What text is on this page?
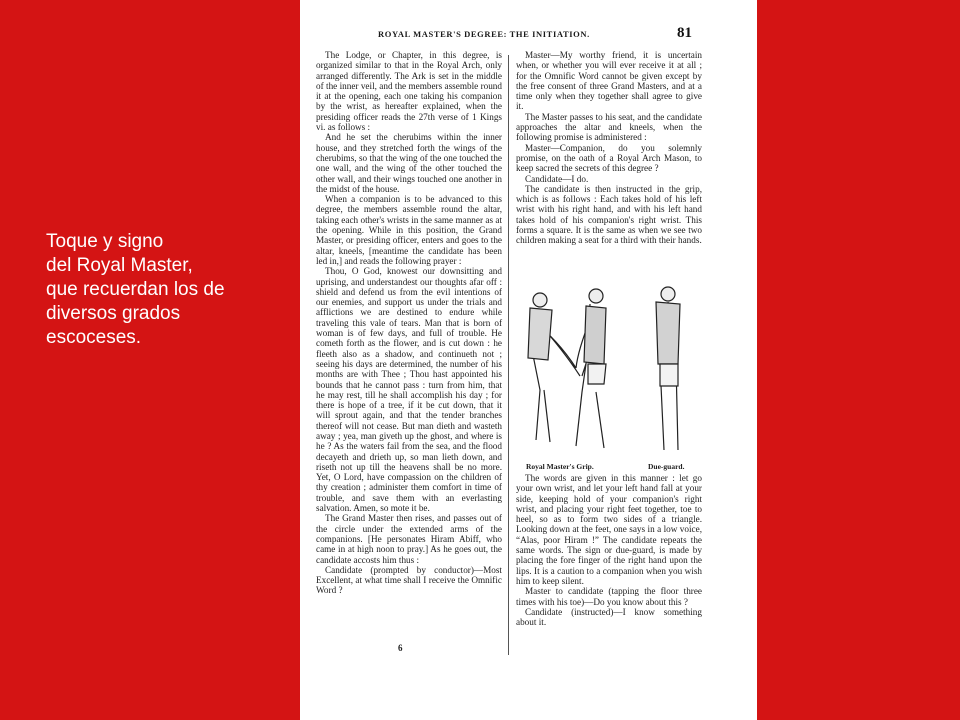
Toque y signo
del Royal Master,
que recuerdan los de
diversos grados
escoceses.
ROYAL MASTER'S DEGREE: THE INITIATION.	81

The Lodge, or Chapter, in this degree, is organized similar to that in the Royal Arch, only arranged differently. The Ark is set in the middle of the inner veil, and the members assemble round it at the opening, each one taking his companion by the wrist, as hereafter explained, when the presiding officer reads the 27th verse of 1 Kings vi. as follows :

And he set the cherubims within the inner house, and they stretched forth the wings of the cherubims, so that the wing of the one touched the one wall, and the wing of the other touched the other wall, and their wings touched one another in the midst of the house.

When a companion is to be advanced to this degree, the members assemble round the altar, taking each other's wrists in the same manner as at the opening. While in this position, the Grand Master, or presiding officer, enters and goes to the altar, kneels, [meantime the candidate has been led in,] and reads the following prayer :

Thou, O God, knowest our downsitting and uprising, and understandest our thoughts afar off : shield and defend us from the evil intentions of our enemies, and support us under the trials and afflictions we are destined to endure while traveling this vale of tears. Man that is born of woman is of few days, and full of trouble. He cometh forth as the flower, and is cut down : he fleeth also as a shadow, and continueth not ; seeing his days are determined, the number of his months are with Thee ; Thou hast appointed his bounds that he cannot pass : turn from him, that he may rest, till he shall accomplish his day ; for there is hope of a tree, if it be cut down, that it will sprout again, and that the tender branches thereof will not cease. But man dieth and wasteth away ; yea, man giveth up the ghost, and where is he ? As the waters fail from the sea, and the flood decayeth and drieth up, so man lieth down, and riseth not up till the heavens shall be no more. Yet, O Lord, have compassion on the children of thy creation ; administer them comfort in time of trouble, and save them with an everlasting salvation. Amen, so mote it be.

The Grand Master then rises, and passes out of the circle under the extended arms of the companions. [He personates Hiram Abiff, who came in at high noon to pray.] As he goes out, the candidate accosts him thus :

Candidate (prompted by conductor)—Most Excellent, at what time shall I receive the Omnific Word ?

Master—My worthy friend, it is uncertain when, or whether you will ever receive it at all ; for the Omnific Word cannot be given except by the free consent of three Grand Masters, and at a time only when they together shall agree to give it.

The Master passes to his seat, and the candidate approaches the altar and kneels, when the following promise is administered :

Master—Companion, do you solemnly promise, on the oath of a Royal Arch Mason, to keep sacred the secrets of this degree ?

Candidate—I do.

The candidate is then instructed in the grip, which is as follows : Each takes hold of his left wrist with his right hand, and with his left hand takes hold of his companion's right wrist. This forms a square. It is the same as when we see two children making a seat for a third with their hands.

Royal Master's Grip.	Due-guard.

The words are given in this manner : let go your own wrist, and let your left hand fall at your side, keeping hold of your companion's right wrist, and placing your right feet together, toe to heel, so as to form two sides of a triangle. Looking down at the feet, one says in a low voice, “Alas, poor Hiram !” The candidate repeats the same words. The sign or due-guard, is made by placing the fore finger of the right hand upon the lips. It is a caution to a companion when you wish him to keep silent.

Master to candidate (tapping the floor three times with his toe)—Do you know about this ?

Candidate (instructed)—I know something about it.

6
